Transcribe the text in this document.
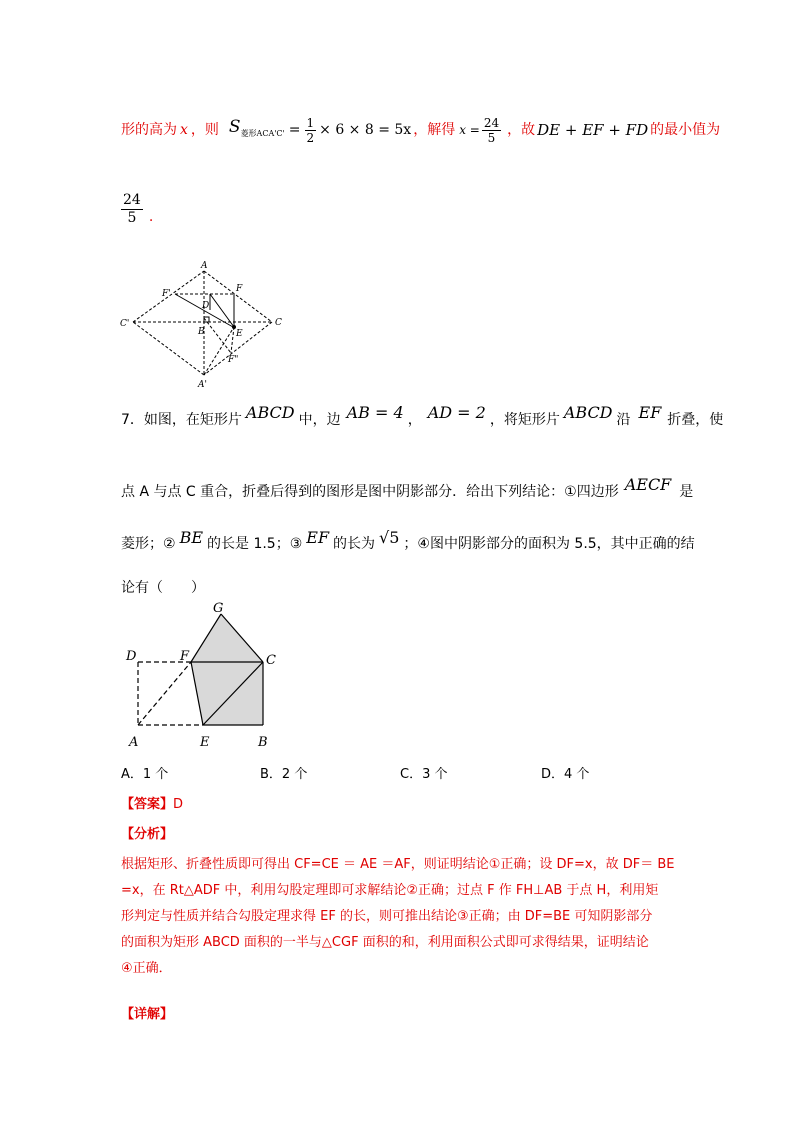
形的高为 x ，则 $S_{菱形ACA'C'} = \frac{1}{2} \times 6 \times 8 = 5x$ ，解得 $x = \frac{24}{5}$ ，故 DE + EF + FD 的最小值为
$\frac{24}{5}$ .
A
F'	F
D
C'
B	E
C
F"
A'
7．如图，在矩形片 ABCD 中，边 AB = 4 ， AD = 2 ，将矩形片 ABCD 沿 EF 折叠，使
点 A 与点 C 重合，折叠后得到的图形是图中阴影部分．给出下列结论：①四边形 AECF 是
菱形；② BE 的长是 1.5；③ EF 的长为 √5 ；④图中阴影部分的面积为 5.5，其中正确的结
论有（　　）
G
D	F	C
A	E	B
A．1 个	B．2 个	C．3 个	D．4 个
【答案】D
【分析】
根据矩形、折叠性质即可得出 CF=CE ＝ AE ＝AF，则证明结论①正确；设 DF=x，故 DF＝ BE
=x，在 Rt△ADF 中，利用勾股定理即可求解结论②正确；过点 F 作 FH⊥AB 于点 H，利用矩
形判定与性质并结合勾股定理求得 EF 的长，则可推出结论③正确；由 DF=BE 可知阴影部分
的面积为矩形 ABCD 面积的一半与△CGF 面积的和，利用面积公式即可求得结果，证明结论
④正确．
【详解】
